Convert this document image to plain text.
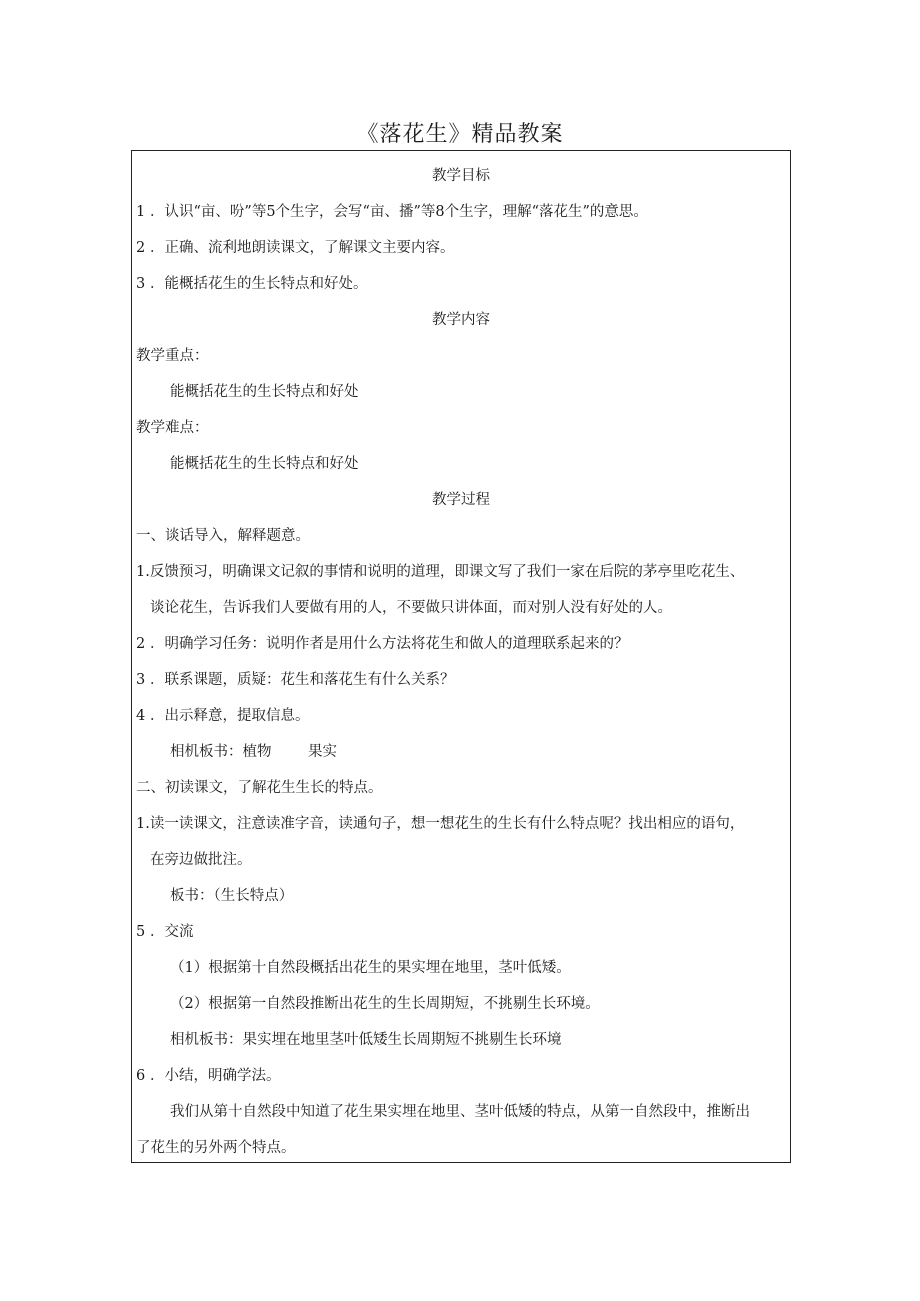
《落花生》精品教案
教学目标
1 ．认识“亩、吩”等5个生字，会写“亩、播”等8个生字，理解“落花生”的意思。
2 ．正确、流利地朗读课文，了解课文主要内容。
3 ．能概括花生的生长特点和好处。
教学内容
教学重点：
能概括花生的生长特点和好处
教学难点：
能概括花生的生长特点和好处
教学过程
一、谈话导入，解释题意。
1.反馈预习，明确课文记叙的事情和说明的道理，即课文写了我们一家在后院的茅亭里吃花生、
谈论花生，告诉我们人要做有用的人，不要做只讲体面，而对别人没有好处的人。
2 ．明确学习任务：说明作者是用什么方法将花生和做人的道理联系起来的？
3 ．联系课题，质疑：花生和落花生有什么关系？
4 ．出示释意，提取信息。
相机板书：植物	果实
二、初读课文，了解花生生长的特点。
1.读一读课文，注意读准字音，读通句子，想一想花生的生长有什么特点呢？找出相应的语句，
在旁边做批注。
板书：（生长特点）
5 ．交流
（1）根据第十自然段概括出花生的果实埋在地里，茎叶低矮。
（2）根据第一自然段推断出花生的生长周期短，不挑剔生长环境。
相机板书：果实埋在地里茎叶低矮生长周期短不挑剔生长环境
6 ．小结，明确学法。
我们从第十自然段中知道了花生果实埋在地里、茎叶低矮的特点，从第一自然段中，推断出
了花生的另外两个特点。
